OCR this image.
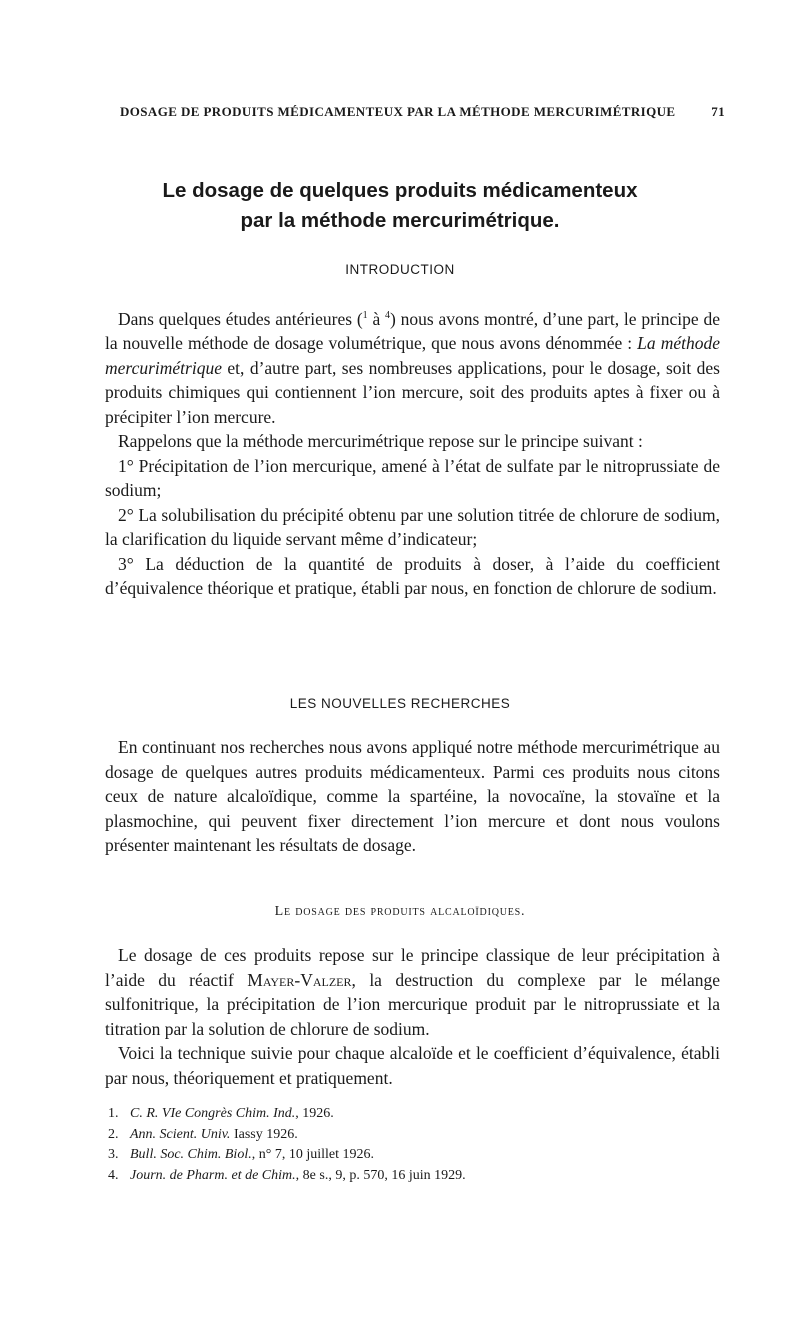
DOSAGE DE PRODUITS MÉDICAMENTEUX PAR LA MÉTHODE MERCURIMÉTRIQUE	71
Le dosage de quelques produits médicamenteux
par la méthode mercurimétrique.
INTRODUCTION

Dans quelques études antérieures ($^1$ à $^4$) nous avons montré, d’une part, le principe de la nouvelle méthode de dosage volumétrique, que nous avons dénommée : La méthode mercurimétrique et, d’autre part, ses nombreuses applications, pour le dosage, soit des produits chimiques qui contiennent l’ion mercure, soit des produits aptes à fixer ou à précipiter l’ion mercure.

Rappelons que la méthode mercurimétrique repose sur le principe suivant :

1° Précipitation de l’ion mercurique, amené à l’état de sulfate par le nitroprussiate de sodium;

2° La solubilisation du précipité obtenu par une solution titrée de chlorure de sodium, la clarification du liquide servant même d’indicateur;

3° La déduction de la quantité de produits à doser, à l’aide du coefficient d’équivalence théorique et pratique, établi par nous, en fonction de chlorure de sodium.

LES NOUVELLES RECHERCHES

En continuant nos recherches nous avons appliqué notre méthode mercurimétrique au dosage de quelques autres produits médicamenteux. Parmi ces produits nous citons ceux de nature alcaloïdique, comme la spartéine, la novocaïne, la stovaïne et la plasmochine, qui peuvent fixer directement l’ion mercure et dont nous voulons présenter maintenant les résultats de dosage.

Le dosage des produits alcaloïdiques.

Le dosage de ces produits repose sur le principe classique de leur précipitation à l’aide du réactif Mayer-Valzer, la destruction du complexe par le mélange sulfonitrique, la précipitation de l’ion mercurique produit par le nitroprussiate et la titration par la solution de chlorure de sodium.

Voici la technique suivie pour chaque alcaloïde et le coefficient d’équivalence, établi par nous, théoriquement et pratiquement.

1. C. R. VIe Congrès Chim. Ind., 1926.
2. Ann. Scient. Univ. Iassy 1926.
3. Bull. Soc. Chim. Biol., n° 7, 10 juillet 1926.
4. Journ. de Pharm. et de Chim., 8e s., 9, p. 570, 16 juin 1929.
